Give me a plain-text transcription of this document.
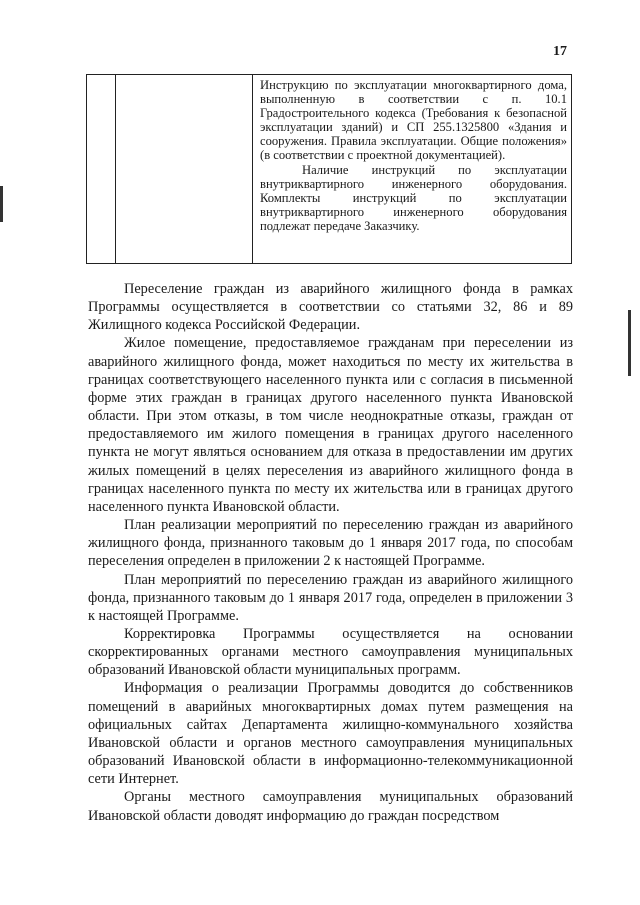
17

Инструкцию по эксплуатации многоквартирного дома, выполненную в соответствии с п. 10.1 Градостроительного кодекса (Требования к безопасной эксплуатации зданий) и СП 255.1325800 «Здания и сооружения. Правила эксплуатации. Общие положения» (в соответствии с проектной документацией).

Наличие инструкций по эксплуатации внутриквартирного инженерного оборудования. Комплекты инструкций по эксплуатации внутриквартирного инженерного оборудования подлежат передаче Заказчику.

Переселение граждан из аварийного жилищного фонда в рамках Программы осуществляется в соответствии со статьями 32, 86 и 89 Жилищного кодекса Российской Федерации.

Жилое помещение, предоставляемое гражданам при переселении из аварийного жилищного фонда, может находиться по месту их жительства в границах соответствующего населенного пункта или с согласия в письменной форме этих граждан в границах другого населенного пункта Ивановской области. При этом отказы, в том числе неоднократные отказы, граждан от предоставляемого им жилого помещения в границах другого населенного пункта не могут являться основанием для отказа в предоставлении им других жилых помещений в целях переселения из аварийного жилищного фонда в границах населенного пункта по месту их жительства или в границах другого населенного пункта Ивановской области.

План реализации мероприятий по переселению граждан из аварийного жилищного фонда, признанного таковым до 1 января 2017 года, по способам переселения определен в приложении 2 к настоящей Программе.

План мероприятий по переселению граждан из аварийного жилищного фонда, признанного таковым до 1 января 2017 года, определен в приложении 3 к настоящей Программе.

Корректировка Программы осуществляется на основании скорректированных органами местного самоуправления муниципальных образований Ивановской области муниципальных программ.

Информация о реализации Программы доводится до собственников помещений в аварийных многоквартирных домах путем размещения на официальных сайтах Департамента жилищно-коммунального хозяйства Ивановской области и органов местного самоуправления муниципальных образований Ивановской области в информационно-телекоммуникационной сети Интернет.

Органы местного самоуправления муниципальных образований Ивановской области доводят информацию до граждан посредством
